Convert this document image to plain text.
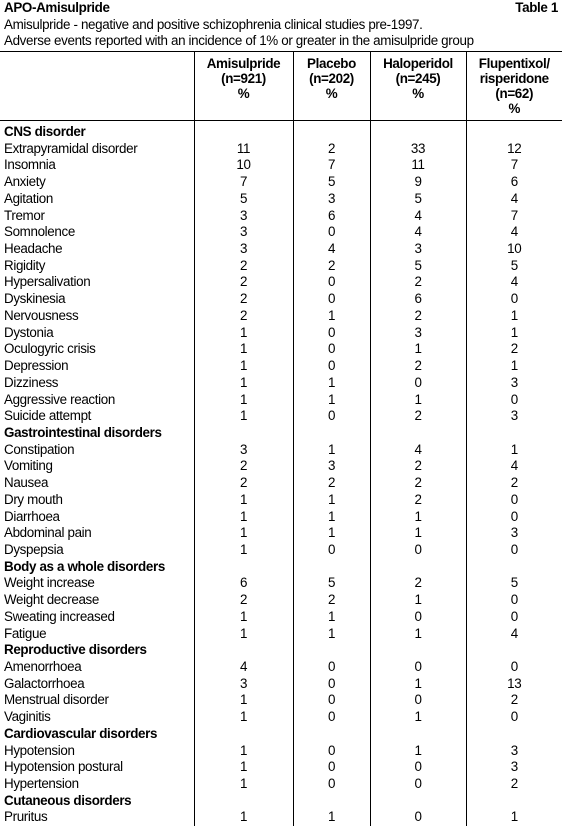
APO-Amisulpride	Table 1
Amisulpride - negative and positive schizophrenia clinical studies pre-1997.
Adverse events reported with an incidence of 1% or greater in the amisulpride group

	Amisulpride
(n=921)
%	Placebo
(n=202)
%	Haloperidol
(n=245)
%	Flupentixol/
risperidone
(n=62)
%

CNS disorder				
Extrapyramidal disorder	11	2	33	12
Insomnia	10	7	11	7
Anxiety	7	5	9	6
Agitation	5	3	5	4
Tremor	3	6	4	7
Somnolence	3	0	4	4
Headache	3	4	3	10
Rigidity	2	2	5	5
Hypersalivation	2	0	2	4
Dyskinesia	2	0	6	0
Nervousness	2	1	2	1
Dystonia	1	0	3	1
Oculogyric crisis	1	0	1	2
Depression	1	0	2	1
Dizziness	1	1	0	3
Aggressive reaction	1	1	1	0
Suicide attempt	1	0	2	3
Gastrointestinal disorders				
Constipation	3	1	4	1
Vomiting	2	3	2	4
Nausea	2	2	2	2
Dry mouth	1	1	2	0
Diarrhoea	1	1	1	0
Abdominal pain	1	1	1	3
Dyspepsia	1	0	0	0
Body as a whole disorders				
Weight increase	6	5	2	5
Weight decrease	2	2	1	0
Sweating increased	1	1	0	0
Fatigue	1	1	1	4
Reproductive disorders				
Amenorrhoea	4	0	0	0
Galactorrhoea	3	0	1	13
Menstrual disorder	1	0	0	2
Vaginitis	1	0	1	0
Cardiovascular disorders				
Hypotension	1	0	1	3
Hypotension postural	1	0	0	3
Hypertension	1	0	0	2
Cutaneous disorders				
Pruritus	1	1	0	1
